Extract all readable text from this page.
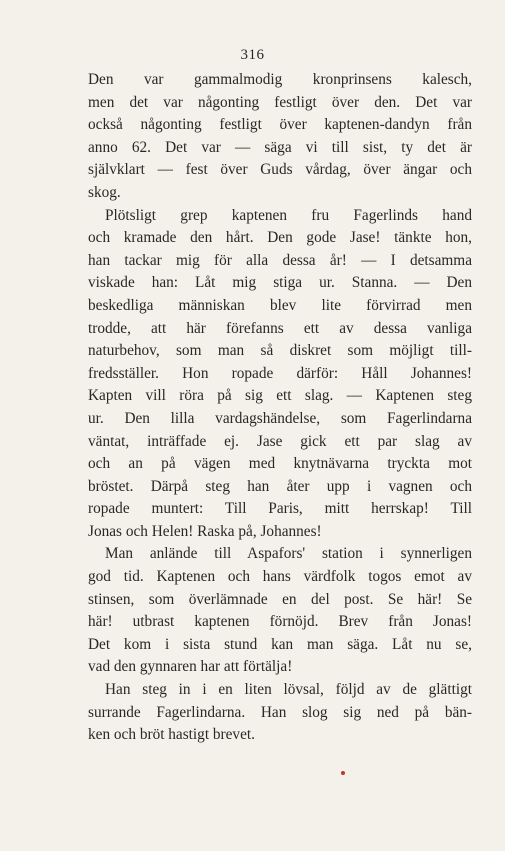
316
Den var gammalmodig kronprinsens kalesch,
men det var någonting festligt över den. Det var
också någonting festligt över kaptenen-dandyn från
anno 62. Det var — säga vi till sist, ty det är
självklart — fest över Guds vårdag, över ängar och
skog.
Plötsligt grep kaptenen fru Fagerlinds hand
och kramade den hårt. Den gode Jase! tänkte hon,
han tackar mig för alla dessa år! — I detsamma
viskade han: Låt mig stiga ur. Stanna. — Den
beskedliga människan blev lite förvirrad men
trodde, att här förefanns ett av dessa vanliga
naturbehov, som man så diskret som möjligt till-
fredsställer. Hon ropade därför: Håll Johannes!
Kapten vill röra på sig ett slag. — Kaptenen steg
ur. Den lilla vardagshändelse, som Fagerlindarna
väntat, inträffade ej. Jase gick ett par slag av
och an på vägen med knytnävarna tryckta mot
bröstet. Därpå steg han åter upp i vagnen och
ropade muntert: Till Paris, mitt herrskap! Till
Jonas och Helen! Raska på, Johannes!
Man anlände till Aspafors' station i synnerligen
god tid. Kaptenen och hans värdfolk togos emot av
stinsen, som överlämnade en del post. Se här! Se
här! utbrast kaptenen förnöjd. Brev från Jonas!
Det kom i sista stund kan man säga. Låt nu se,
vad den gynnaren har att förtälja!
Han steg in i en liten lövsal, följd av de glättigt
surrande Fagerlindarna. Han slog sig ned på bän-
ken och bröt hastigt brevet.
